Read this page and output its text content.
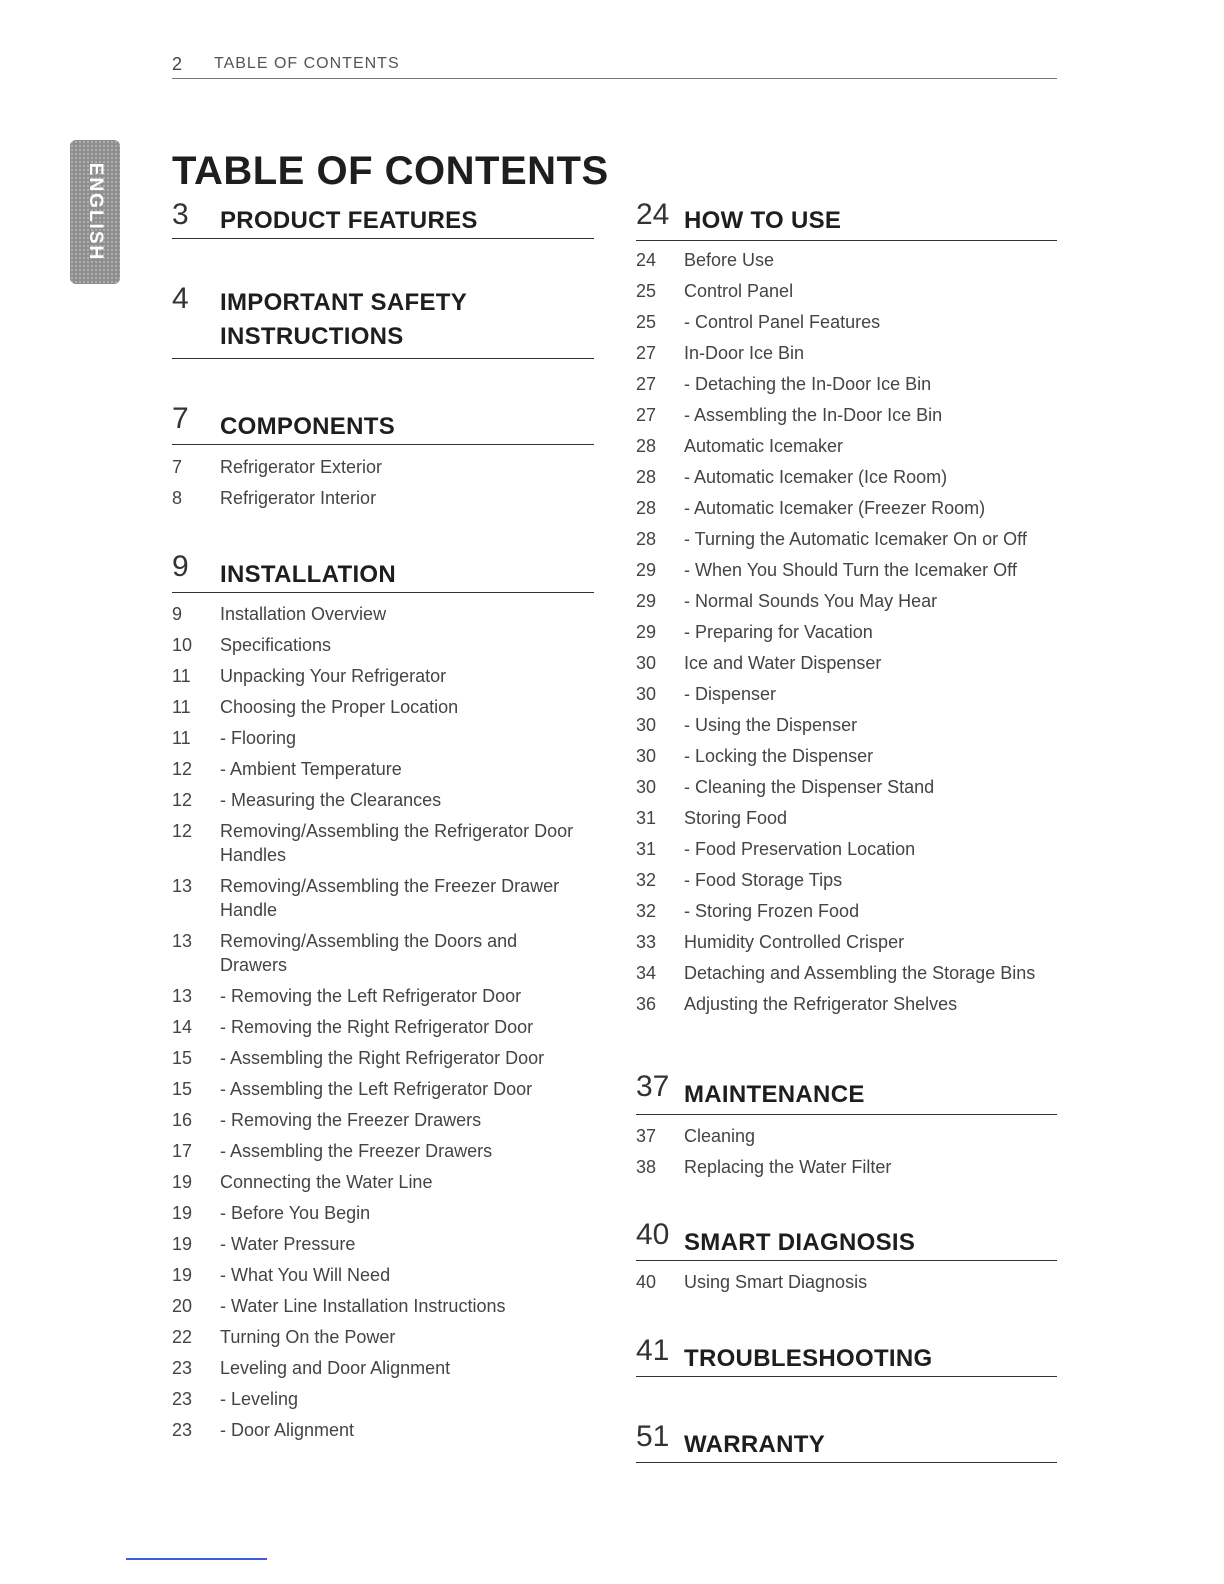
2 TABLE OF CONTENTS
ENGLISH TABLE OF CONTENTS
3 PRODUCT FEATURES
4 IMPORTANT SAFETY INSTRUCTIONS
7 COMPONENTS
7	Refrigerator Exterior
8	Refrigerator Interior
9 INSTALLATION
9	Installation Overview
10	Specifications
11	Unpacking Your Refrigerator
11	Choosing the Proper Location
11	- Flooring
12	- Ambient Temperature
12	- Measuring the Clearances
12	Removing/Assembling the Refrigerator Door Handles
13	Removing/Assembling the Freezer Drawer Handle
13	Removing/Assembling the Doors and Drawers
13	- Removing the Left Refrigerator Door
14	- Removing the Right Refrigerator Door
15	- Assembling the Right Refrigerator Door
15	- Assembling the Left Refrigerator Door
16	- Removing the Freezer Drawers
17	- Assembling the Freezer Drawers
19	Connecting the Water Line
19	- Before You Begin
19	- Water Pressure
19	- What You Will Need
20	- Water Line Installation Instructions
22	Turning On the Power
23	Leveling and Door Alignment
23	- Leveling
23	- Door Alignment
24 HOW TO USE
24	Before Use
25	Control Panel
25	- Control Panel Features
27	In-Door Ice Bin
27	- Detaching the In-Door Ice Bin
27	- Assembling the In-Door Ice Bin
28	Automatic Icemaker
28	- Automatic Icemaker (Ice Room)
28	- Automatic Icemaker (Freezer Room)
28	- Turning the Automatic Icemaker On or Off
29	- When You Should Turn the Icemaker Off
29	- Normal Sounds You May Hear
29	- Preparing for Vacation
30	Ice and Water Dispenser
30	- Dispenser
30	- Using the Dispenser
30	- Locking the Dispenser
30	- Cleaning the Dispenser Stand
31	Storing Food
31	- Food Preservation Location
32	- Food Storage Tips
32	- Storing Frozen Food
33	Humidity Controlled Crisper
34	Detaching and Assembling the Storage Bins
36	Adjusting the Refrigerator Shelves
37 MAINTENANCE
37	Cleaning
38	Replacing the Water Filter
40 SMART DIAGNOSIS
40	Using Smart Diagnosis
41 TROUBLESHOOTING
51 WARRANTY
